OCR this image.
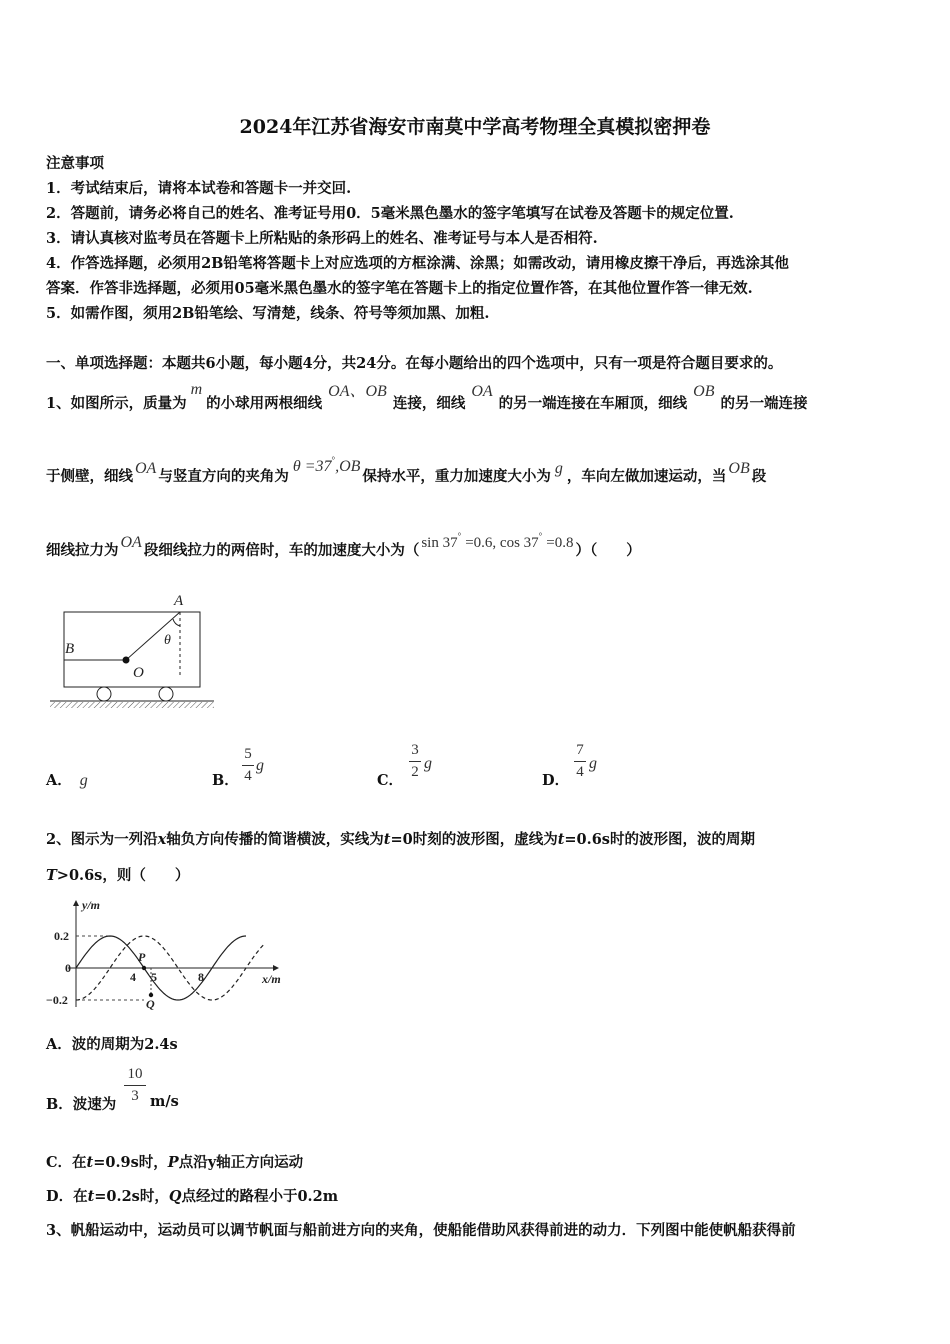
2024年江苏省海安市南莫中学高考物理全真模拟密押卷
注意事项
1．考试结束后，请将本试卷和答题卡一并交回.
2．答题前，请务必将自己的姓名、准考证号用0．5毫米黑色墨水的签字笔填写在试卷及答题卡的规定位置.
3．请认真核对监考员在答题卡上所粘贴的条形码上的姓名、准考证号与本人是否相符.
4．作答选择题，必须用2B铅笔将答题卡上对应选项的方框涂满、涂黑；如需改动，请用橡皮擦干净后，再选涂其他
答案．作答非选择题，必须用05毫米黑色墨水的签字笔在答题卡上的指定位置作答，在其他位置作答一律无效.
5．如需作图，须用2B铅笔绘、写清楚，线条、符号等须加黑、加粗.
一、单项选择题：本题共6小题，每小题4分，共24分。在每小题给出的四个选项中，只有一项是符合题目要求的。
1、如图所示，质量为m的小球用两根细线OA、OB连接，细线OA的另一端连接在车厢顶，细线OB的另一端连接
于侧壁，细线 OA 与竖直方向的夹角为θ =37°,OB保持水平，重力加速度大小为 g ，车向左做加速运动，当 OB 段
细线拉力为 OA 段细线拉力的两倍时，车的加速度大小为（ sin 37° =0.6, cos 37° =0.8 ）（　　）
A
B
O
θ
A． g	B．
5
4
g
C．
3
2 g
D．
7
4 g
2、图示为一列沿x轴负方向传播的简谐横波，实线为t=0时刻的波形图，虚线为t=0.6s时的波形图，波的周期
T>0.6s，则（　　）
y/m
x/m
0.2
0
−0.2
4 5	8
P
Q
A．波的周期为2.4s
B．波速为
10
3 m/s
C．在t=0.9s时，P点沿y轴正方向运动
D．在t=0.2s时，Q点经过的路程小于0.2m
3、帆船运动中，运动员可以调节帆面与船前进方向的夹角，使船能借助风获得前进的动力．下列图中能使帆船获得前
